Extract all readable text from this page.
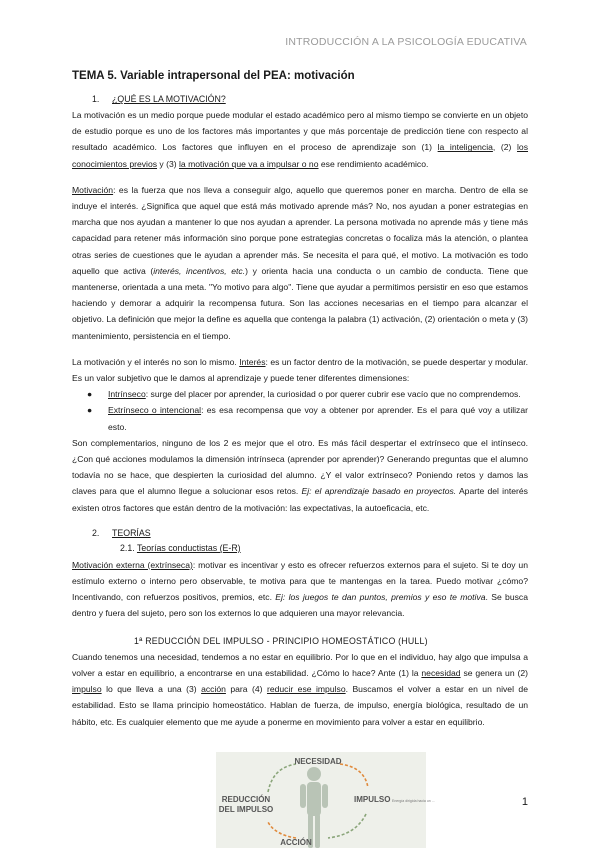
INTRODUCCIÓN A LA PSICOLOGÍA EDUCATIVA
TEMA 5. Variable intrapersonal del PEA: motivación
1. ¿QUÉ ES LA MOTIVACIÓN?

La motivación es un medio porque puede modular el estado académico pero al mismo tiempo se convierte en un objeto de estudio porque es uno de los factores más importantes y que más porcentaje de predicción tiene con respecto al resultado académico. Los factores que influyen en el proceso de aprendizaje son (1) la inteligencia, (2) los conocimientos previos y (3) la motivación que va a impulsar o no ese rendimiento académico.

Motivación: es la fuerza que nos lleva a conseguir algo, aquello que queremos poner en marcha. Dentro de ella se induye el interés. ¿Significa que aquel que está más motivado aprende más? No, nos ayudan a poner estrategias en marcha que nos ayudan a mantener lo que nos ayudan a aprender. La persona motivada no aprende más y tiene más capacidad para retener más información sino porque pone estrategias concretas o focaliza más la atención, o plantea otras series de cuestiones que le ayudan a aprender más. Se necesita el para qué, el motivo. La motivación es todo aquello que activa (interés, incentivos, etc.) y orienta hacia una conducta o un cambio de conducta. Tiene que mantenerse, orientada a una meta. "Yo motivo para algo". Tiene que ayudar a permitimos persistir en eso que estamos haciendo y demorar a adquirir la recompensa futura. Son las acciones necesarias en el tiempo para alcanzar el objetivo. La definición que mejor la define es aquella que contenga la palabra (1) activación, (2) orientación o meta y (3) mantenimiento, persistencia en el tiempo.

La motivación y el interés no son lo mismo. Interés: es un factor dentro de la motivación, se puede despertar y modular. Es un valor subjetivo que le damos al aprendizaje y puede tener diferentes dimensiones:

● Intrínseco: surge del placer por aprender, la curiosidad o por querer cubrir ese vacío que no comprendemos.
● Extrínseco o intencional: es esa recompensa que voy a obtener por aprender. Es el para qué voy a utilizar esto.

Son complementarios, ninguno de los 2 es mejor que el otro. Es más fácil despertar el extrínseco que el intínseco. ¿Con qué acciones modulamos la dimensión intrínseca (aprender por aprender)? Generando preguntas que el alumno todavía no se hace, que despierten la curiosidad del alumno. ¿Y el valor extrínseco? Poniendo retos y damos las claves para que el alumno llegue a solucionar esos retos. Ej: el aprendizaje basado en proyectos. Aparte del interés existen otros factores que están dentro de la motivación: las expectativas, la autoeficacia, etc.

2. TEORÍAS
2.1. Teorías conductistas (E-R)

Motivación externa (extrínseca): motivar es incentivar y esto es ofrecer refuerzos externos para el sujeto. Si te doy un estímulo externo o interno pero observable, te motiva para que te mantengas en la tarea. Puedo motivar ¿cómo? Incentivando, con refuerzos positivos, premios, etc. Ej: los juegos te dan puntos, premios y eso te motiva. Se busca dentro y fuera del sujeto, pero son los externos lo que adquieren una mayor relevancia.

1ª REDUCCIÓN DEL IMPULSO - PRINCIPIO HOMEOSTÁTICO (HULL)

Cuando tenemos una necesidad, tendemos a no estar en equilibrio. Por lo que en el individuo, hay algo que impulsa a volver a estar en equilibrio, a encontrarse en una estabilidad. ¿Cómo lo hace? Ante (1) la necesidad se genera un (2) impulso lo que lleva a una (3) acción para (4) reducir ese impulso. Buscamos el volver a estar en un nivel de estabilidad. Esto se llama principio homeostático. Hablan de fuerza, de impulso, energía biológica, resultado de un hábito, etc. Es cualquier elemento que me ayude a ponerme en movimiento para volver a estar en equilibrio.

NECESIDAD
IMPULSO Energía dirigida hacia un ...
REDUCCIÓN
DEL IMPULSO
ACCIÓN
1
